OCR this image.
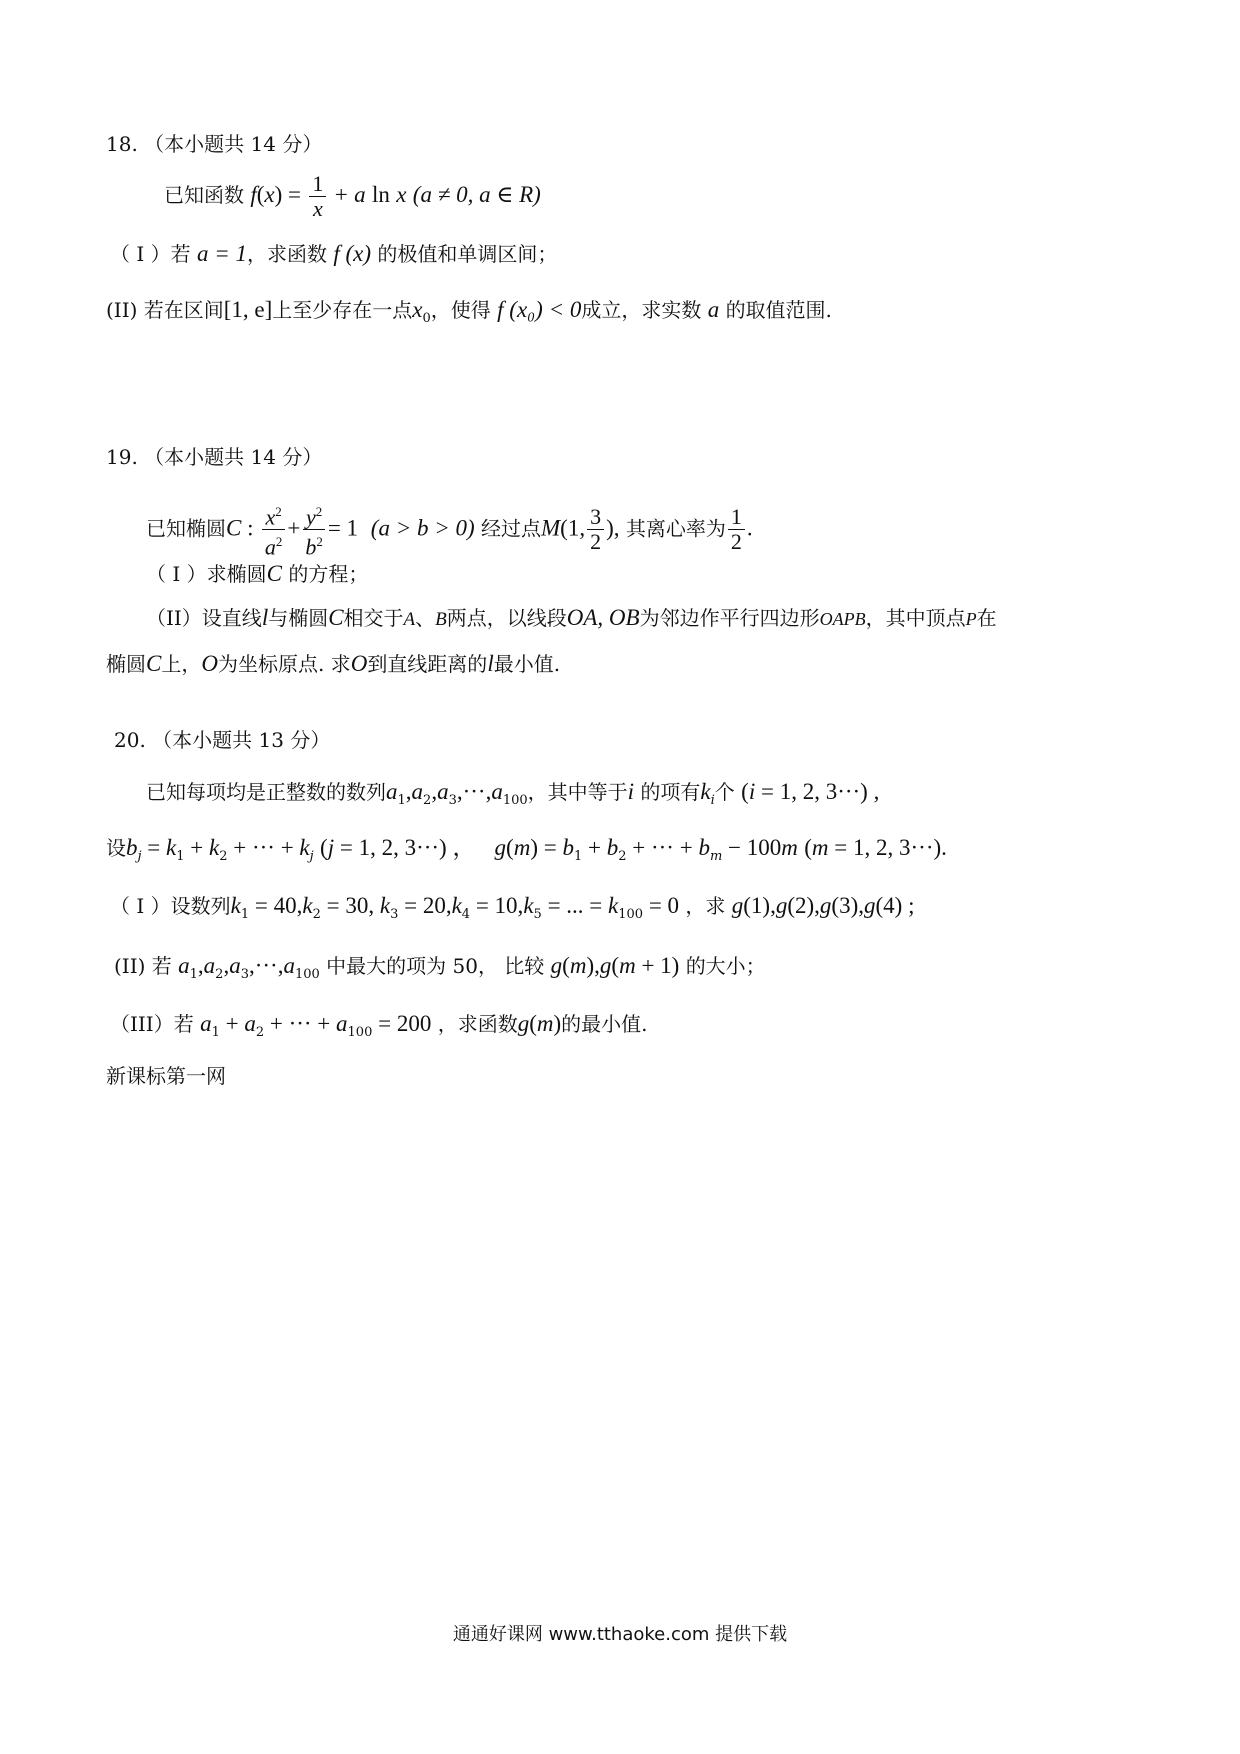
18. （本小题共 14 分）
已知函数 $f(x) = \frac{1}{x} + a$ ln x (a ≠ 0, a ∈ R)
（ I ）若 a = 1，求函数 f (x) 的极值和单调区间；
(II) 若在区间[1, e]上至少存在一点$x_0$，使得 f (x₀) < 0成立，求实数 a 的取值范围.
19. （本小题共 14 分）
已知椭圆C : $\frac{x^2}{a^2} + \frac{y^2}{b^2} = 1$ (a > b > 0) 经过点M(1, $\frac{3}{2}$ ), 其离心率为 $\frac{1}{2}$ .
（ I ）求椭圆C 的方程；
（II）设直线l与椭圆C相交于A、B两点，以线段OA, OB为邻边作平行四边形OAPB，其中顶点P在
椭圆C上，O为坐标原点. 求O到直线距离的l最小值.
20. （本小题共 13 分）
已知每项均是正整数的数列$a_1,a_2,a_3,\cdot\cdot\cdot,a_{100}$，其中等于i 的项有$k_i$个 (i = 1, 2, 3···) ,
设$b_j = k_1 + k_2$ + ··· + $k_j$ (j = 1, 2, 3···) ， $g(m) = b_1 + b_2$ + ··· + $b_m - 100m$ (m = 1, 2, 3···).
（ I ）设数列$k_1 = 40,k_2 = 30$, $k_3 = 20,k_4 = 10,k_5$ = ... = $k_{100} = 0$ ，求 g(1),g(2),g(3),g(4) ;
(II) 若 $a_1,a_2,a_3,\cdot\cdot\cdot,a_{100}$ 中最大的项为 50， 比较 g(m),g(m + 1) 的大小；
（III）若 $a_1 + a_2$ + ··· + $a_{100} = 200$ ，求函数g(m)的最小值.
新课标第一网
通通好课网 www.tthaoke.com 提供下载
